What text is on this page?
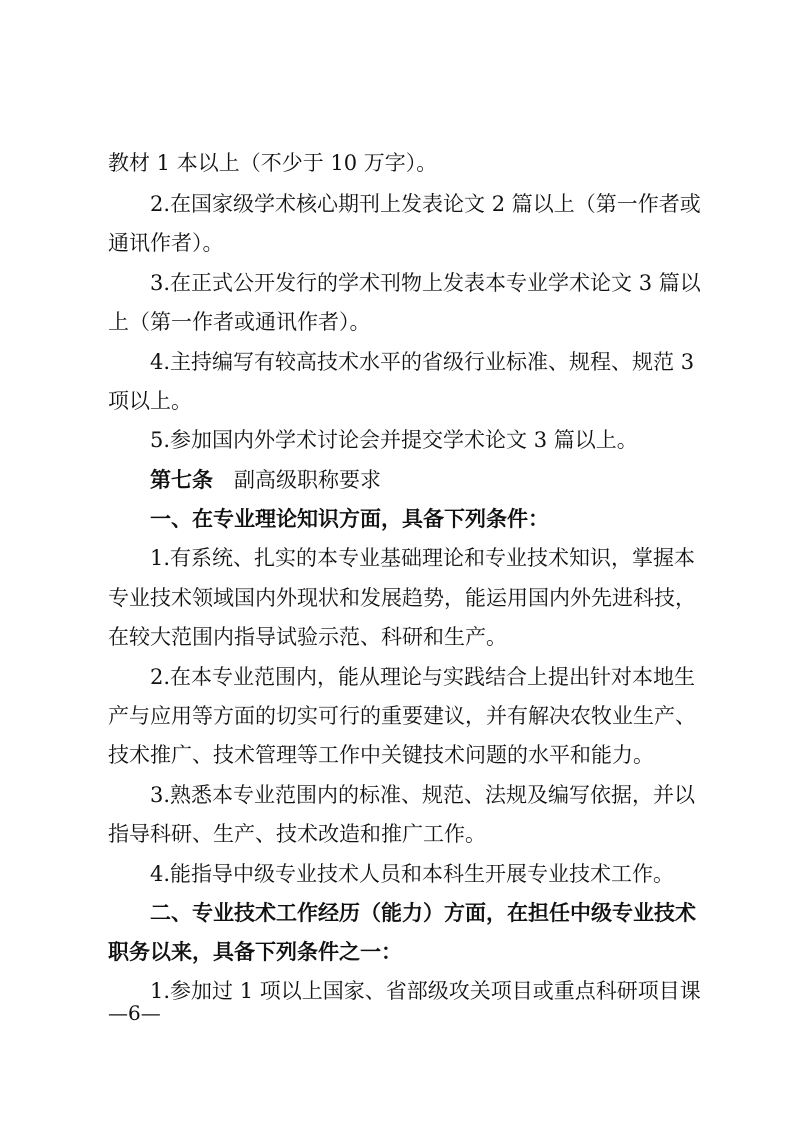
教材 1 本以上（不少于 10 万字）。
2.在国家级学术核心期刊上发表论文 2 篇以上（第一作者或
通讯作者）。
3.在正式公开发行的学术刊物上发表本专业学术论文 3 篇以
上（第一作者或通讯作者）。
4.主持编写有较高技术水平的省级行业标准、规程、规范 3
项以上。
5.参加国内外学术讨论会并提交学术论文 3 篇以上。
第七条　 副高级职称要求
一、在专业理论知识方面，具备下列条件：
1.有系统、扎实的本专业基础理论和专业技术知识，掌握本
专业技术领域国内外现状和发展趋势，能运用国内外先进科技，
在较大范围内指导试验示范、科研和生产。
2.在本专业范围内，能从理论与实践结合上提出针对本地生
产与应用等方面的切实可行的重要建议，并有解决农牧业生产、
技术推广、技术管理等工作中关键技术问题的水平和能力。
3.熟悉本专业范围内的标准、规范、法规及编写依据，并以
指导科研、生产、技术改造和推广工作。
4.能指导中级专业技术人员和本科生开展专业技术工作。
二、专业技术工作经历（能力）方面，在担任中级专业技术
职务以来，具备下列条件之一：
1.参加过 1 项以上国家、省部级攻关项目或重点科研项目课
—6—
